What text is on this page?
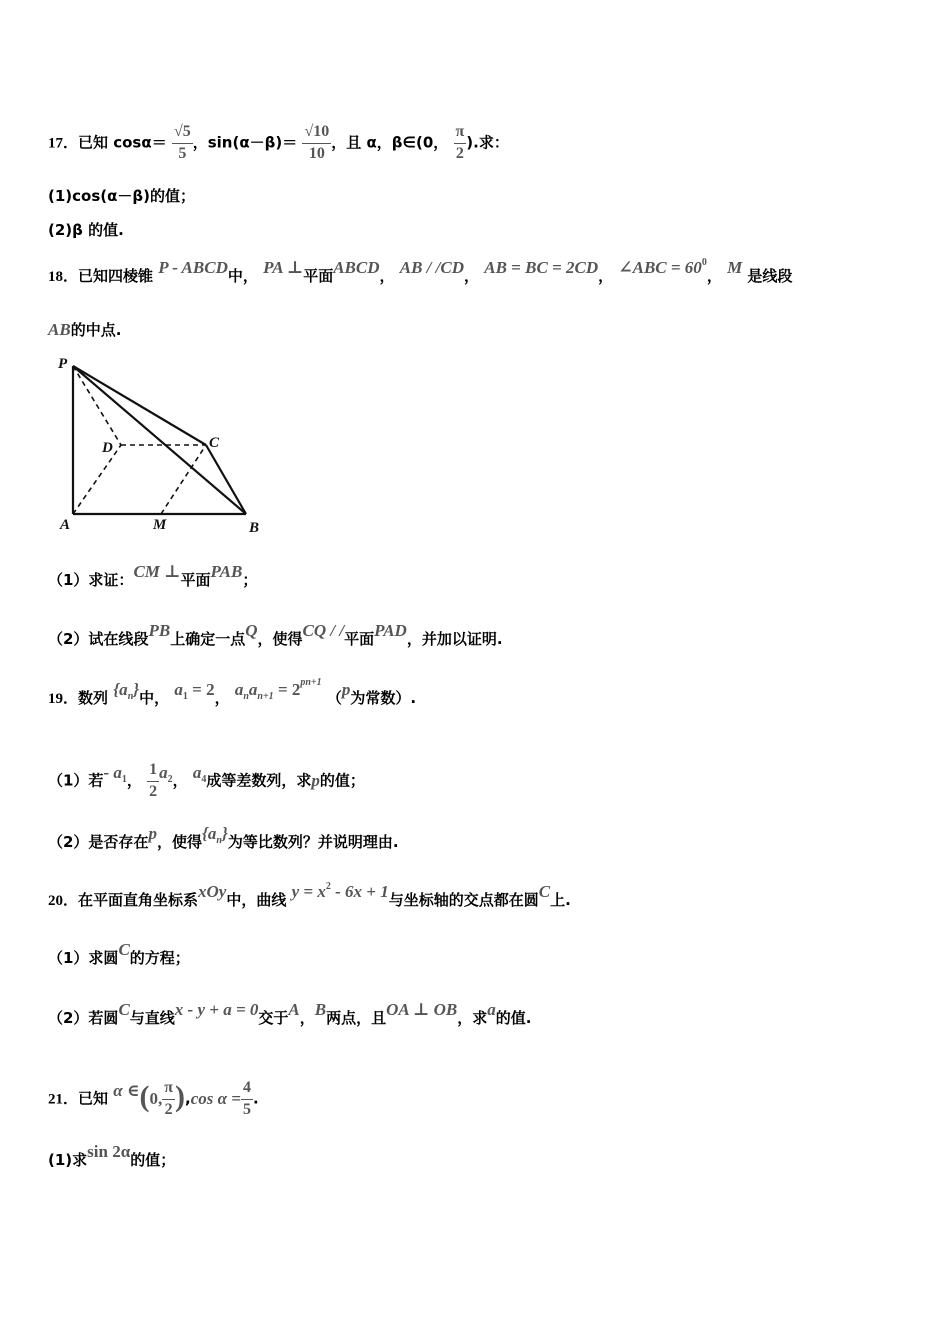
17．已知 $\cos\alpha= \frac{√5}{5}$ ，$\sin(\alpha-\beta)= \frac{√10}{10}$ ，且 α，β∈(0， $\frac{\pi}{2}$ ).求：
(1)cos(α－β)的值；
(2)β 的值.
18．已知四棱锥 P - ABCD中， PA ⊥平面ABCD， AB / /CD， AB = BC = 2CD， ∠ABC = $60^0$， M 是线段
AB的中点.
P
D	C
A	M	B
（1）求证：CM ⊥平面PAB；
（2）试在线段PB上确定一点Q，使得CQ / /平面PAD，并加以证明.
19．数列 $\{a^n\}$中， $a^1 = 2$， $a^na^{n+1} = 2^{pn+1}$ （p为常数）.
（1）若- $a^1$， $\frac{1}{2} a^2$， $a^4$成等差数列，求p的值；
（2）是否存在p，使得$\{a^n\}$为等比数列？并说明理由.
20．在平面直角坐标系xOy中，曲线 $y = x^2 - 6x + 1$与坐标轴的交点都在圆C上.
（1）求圆C的方程；
（2）若圆C与直线x - y + a = 0交于A，B两点，且OA ⊥ OB，求a的值.
21．已知 α ∈(0, $\frac{\pi}{2} ),\cos$ $\alpha = \frac{4}{5}$ .
(1)求sin 2α的值；
